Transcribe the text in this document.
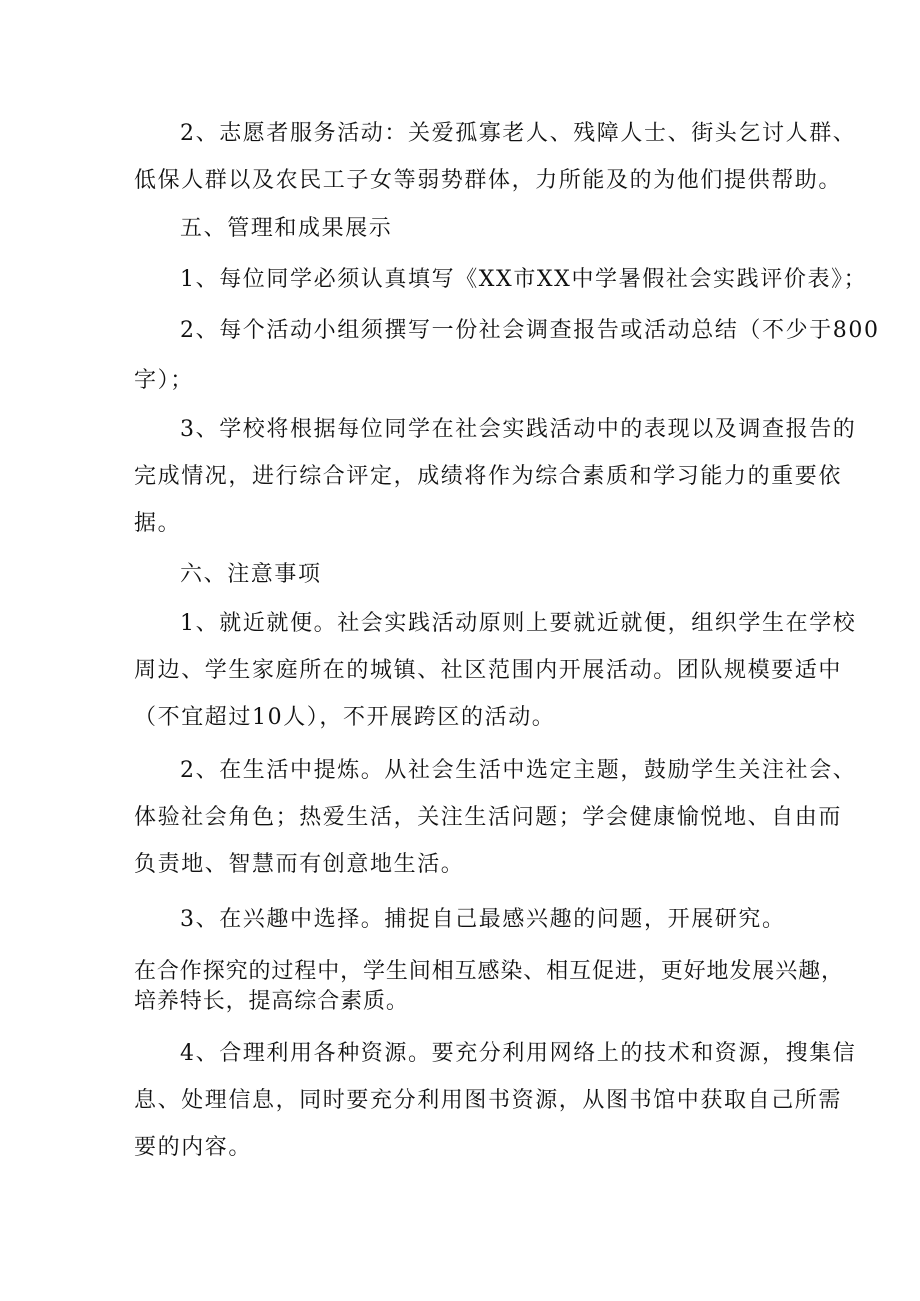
2、志愿者服务活动：关爱孤寡老人、残障人士、街头乞讨人群、
低保人群以及农民工子女等弱势群体，力所能及的为他们提供帮助。
五、管理和成果展示
1、每位同学必须认真填写《XX市XX中学暑假社会实践评价表》；
2、每个活动小组须撰写一份社会调查报告或活动总结（不少于800
字）；
3、学校将根据每位同学在社会实践活动中的表现以及调查报告的
完成情况，进行综合评定，成绩将作为综合素质和学习能力的重要依
据。
六、注意事项
1、就近就便。社会实践活动原则上要就近就便，组织学生在学校
周边、学生家庭所在的城镇、社区范围内开展活动。团队规模要适中
（不宜超过10人），不开展跨区的活动。
2、在生活中提炼。从社会生活中选定主题，鼓励学生关注社会、
体验社会角色；热爱生活，关注生活问题；学会健康愉悦地、自由而
负责地、智慧而有创意地生活。
3、在兴趣中选择。捕捉自己最感兴趣的问题，开展研究。
在合作探究的过程中，学生间相互感染、相互促进，更好地发展兴趣，
培养特长，提高综合素质。
4、合理利用各种资源。要充分利用网络上的技术和资源，搜集信
息、处理信息，同时要充分利用图书资源，从图书馆中获取自己所需
要的内容。
